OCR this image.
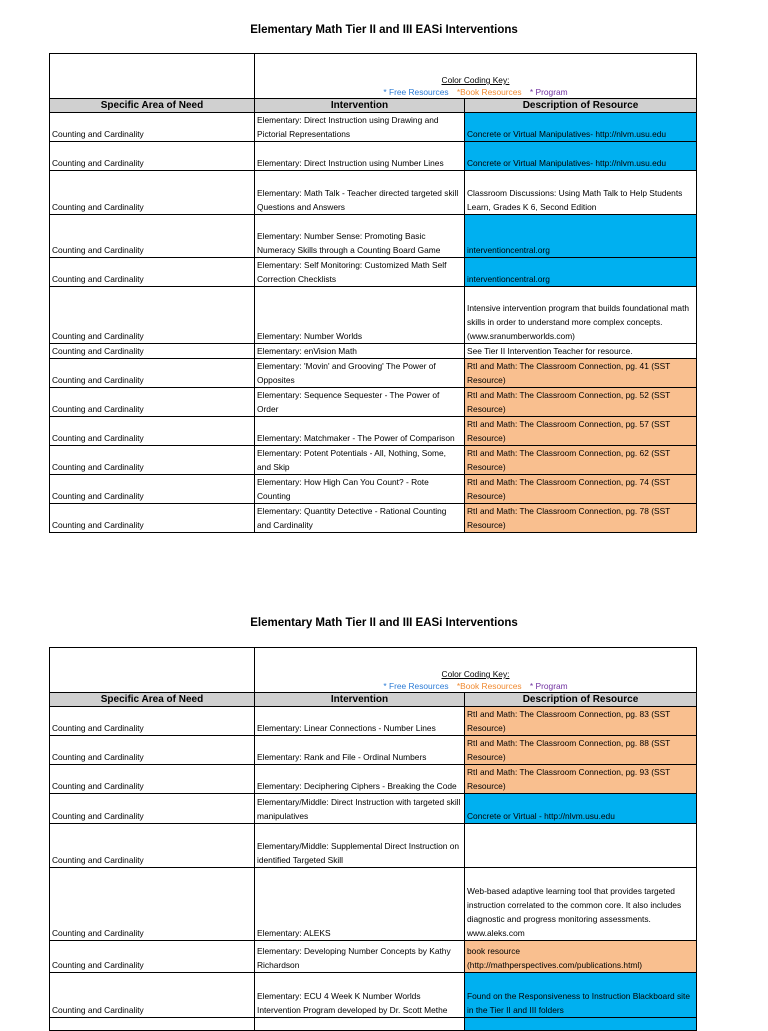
Elementary Math Tier II and III EASi Interventions

	Color Coding Key:
* Free Resources *Book Resources * Program	

Specific Area of Need	Intervention	Description of Resource
Counting and Cardinality	Elementary: Direct Instruction using Drawing and Pictorial Representations	Concrete or Virtual Manipulatives- http://nlvm.usu.edu
Counting and Cardinality	Elementary: Direct Instruction using Number Lines	Concrete or Virtual Manipulatives- http://nlvm.usu.edu
Counting and Cardinality	Elementary: Math Talk - Teacher directed targeted skill Questions and Answers	Classroom Discussions: Using Math Talk to Help Students Learn, Grades K 6, Second Edition
Counting and Cardinality	Elementary: Number Sense: Promoting Basic Numeracy Skills through a Counting Board Game	interventioncentral.org
Counting and Cardinality	Elementary: Self Monitoring: Customized Math Self Correction Checklists	interventioncentral.org
Counting and Cardinality	Elementary: Number Worlds	Intensive intervention program that builds foundational math skills in order to understand more complex concepts. (www.sranumberworlds.com)
Counting and Cardinality	Elementary: enVision Math	See Tier II Intervention Teacher for resource.
Counting and Cardinality	Elementary: 'Movin' and Grooving' The Power of Opposites	RtI and Math: The Classroom Connection, pg. 41 (SST Resource)
Counting and Cardinality	Elementary: Sequence Sequester - The Power of Order	RtI and Math: The Classroom Connection, pg. 52 (SST Resource)
Counting and Cardinality	Elementary: Matchmaker - The Power of Comparison	RtI and Math: The Classroom Connection, pg. 57 (SST Resource)
Counting and Cardinality	Elementary: Potent Potentials - All, Nothing, Some, and Skip	RtI and Math: The Classroom Connection, pg. 62 (SST Resource)
Counting and Cardinality	Elementary: How High Can You Count? - Rote Counting	RtI and Math: The Classroom Connection, pg. 74 (SST Resource)
Counting and Cardinality	Elementary: Quantity Detective - Rational Counting and Cardinality	RtI and Math: The Classroom Connection, pg. 78 (SST Resource)
Elementary Math Tier II and III EASi Interventions

	Color Coding Key:
* Free Resources *Book Resources * Program	

Specific Area of Need	Intervention	Description of Resource
Counting and Cardinality	Elementary: Linear Connections - Number Lines	RtI and Math: The Classroom Connection, pg. 83 (SST Resource)
Counting and Cardinality	Elementary: Rank and File - Ordinal Numbers	RtI and Math: The Classroom Connection, pg. 88 (SST Resource)
Counting and Cardinality	Elementary: Deciphering Ciphers - Breaking the Code	RtI and Math: The Classroom Connection, pg. 93 (SST Resource)
Counting and Cardinality	Elementary/Middle: Direct Instruction with targeted skill manipulatives	Concrete or Virtual - http://nlvm.usu.edu
Counting and Cardinality	Elementary/Middle: Supplemental Direct Instruction on identified Targeted Skill	
Counting and Cardinality	Elementary: ALEKS	Web-based adaptive learning tool that provides targeted instruction correlated to the common core. It also includes diagnostic and progress monitoring assessments. www.aleks.com
Counting and Cardinality	Elementary: Developing Number Concepts by Kathy Richardson	book resource (http://mathperspectives.com/publications.html)
Counting and Cardinality	Elementary: ECU 4 Week K Number Worlds Intervention Program developed by Dr. Scott Methe	Found on the Responsiveness to Instruction Blackboard site in the Tier II and III folders
